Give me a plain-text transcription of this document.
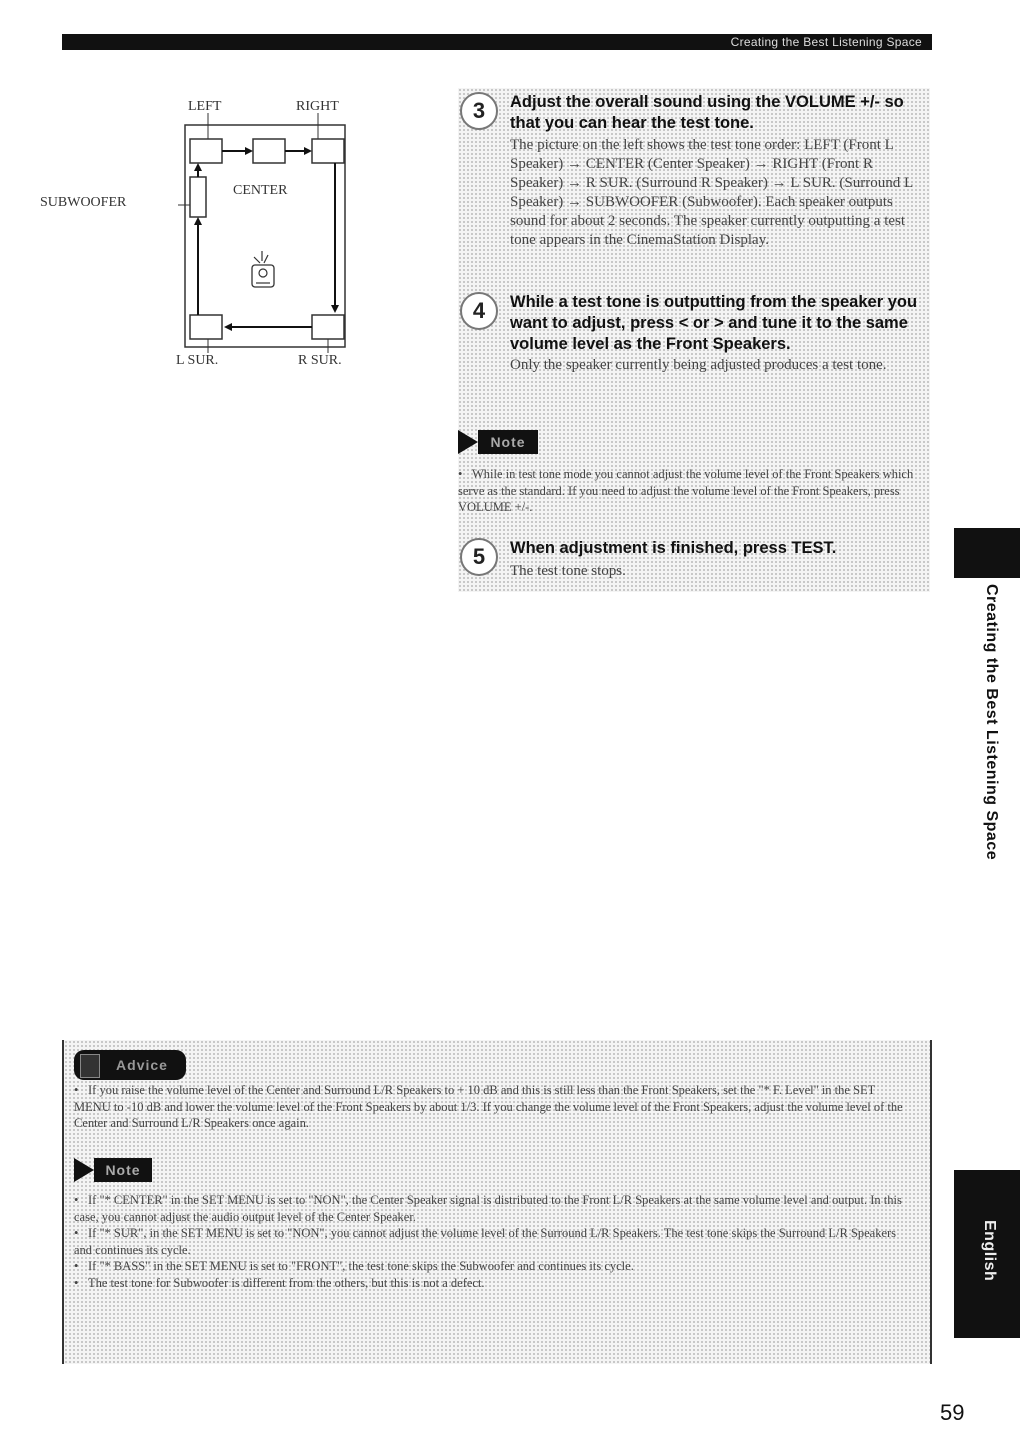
Creating the Best Listening Space
LEFT	RIGHT
CENTER
SUBWOOFER
L SUR.	R SUR.
3	Adjust the overall sound using the VOLUME +/- so that you can hear the test tone.
The picture on the left shows the test tone order: LEFT (Front L Speaker) → CENTER (Center Speaker) → RIGHT (Front R Speaker) → R SUR. (Surround R Speaker) → L SUR. (Surround L Speaker) → SUBWOOFER (Subwoofer). Each speaker outputs sound for about 2 seconds. The speaker currently outputting a test tone appears in the CinemaStation Display.
4	While a test tone is outputting from the speaker you want to adjust, press < or > and tune it to the same volume level as the Front Speakers.
Only the speaker currently being adjusted produces a test tone.
Note
• While in test tone mode you cannot adjust the volume level of the Front Speakers which serve as the standard. If you need to adjust the volume level of the Front Speakers, press VOLUME +/-.
5	When adjustment is finished, press TEST.
The test tone stops.
Creating the Best Listening Space
English
Advice
• If you raise the volume level of the Center and Surround L/R Speakers to + 10 dB and this is still less than the Front Speakers, set the "* F. Level" in the SET MENU to -10 dB and lower the volume level of the Front Speakers by about 1/3. If you change the volume level of the Front Speakers, adjust the volume level of the Center and Surround L/R Speakers once again.
Note
• If "* CENTER" in the SET MENU is set to "NON", the Center Speaker signal is distributed to the Front L/R Speakers at the same volume level and output. In this case, you cannot adjust the audio output level of the Center Speaker.
• If "* SUR", in the SET MENU is set to "NON", you cannot adjust the volume level of the Surround L/R Speakers. The test tone skips the Surround L/R Speakers and continues its cycle.
• If "* BASS" in the SET MENU is set to "FRONT", the test tone skips the Subwoofer and continues its cycle.
• The test tone for Subwoofer is different from the others, but this is not a defect.
59
